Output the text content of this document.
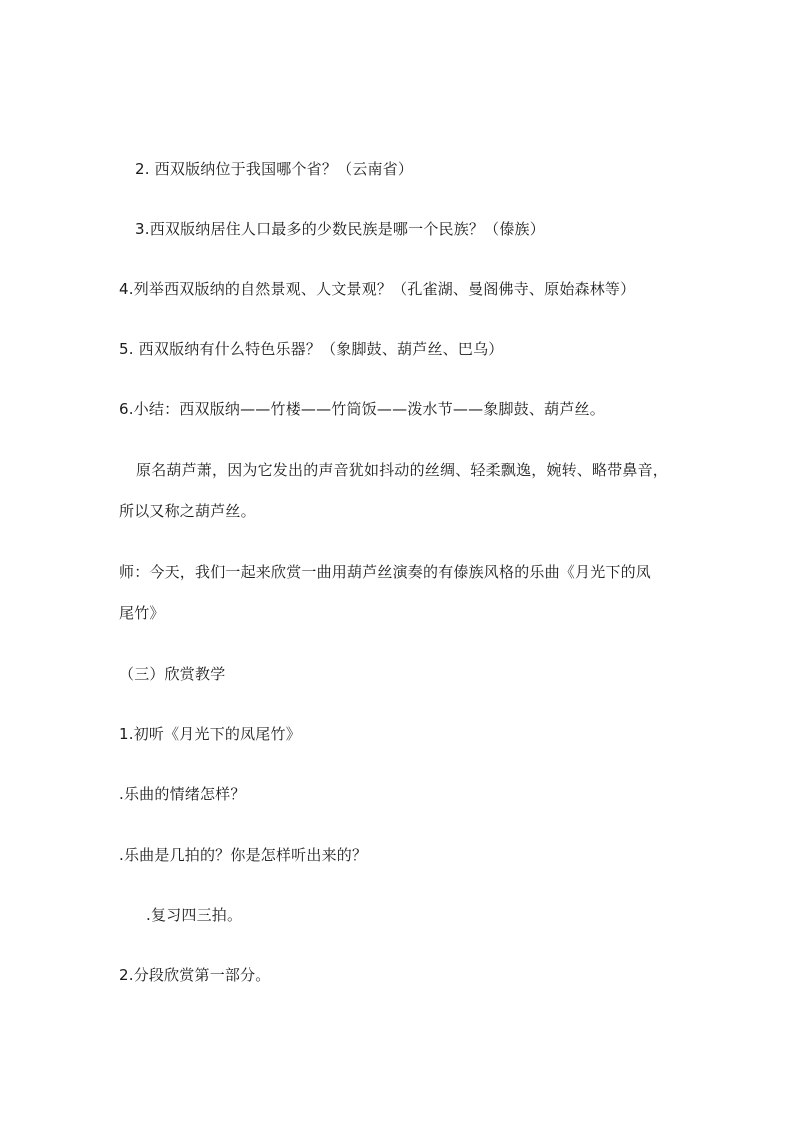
2. 西双版纳位于我国哪个省？（云南省）
3.西双版纳居住人口最多的少数民族是哪一个民族？（傣族）
4.列举西双版纳的自然景观、人文景观？（孔雀湖、曼阁佛寺、原始森林等）
5. 西双版纳有什么特色乐器？（象脚鼓、葫芦丝、巴乌）
6.小结：西双版纳——竹楼——竹筒饭——泼水节——象脚鼓、葫芦丝。
原名葫芦萧，因为它发出的声音犹如抖动的丝绸、轻柔飘逸，婉转、略带鼻音，
所以又称之葫芦丝。
师：今天，我们一起来欣赏一曲用葫芦丝演奏的有傣族风格的乐曲《月光下的凤
尾竹》
（三）欣赏教学
1.初听《月光下的凤尾竹》
.乐曲的情绪怎样？
.乐曲是几拍的？你是怎样听出来的？
.复习四三拍。
2.分段欣赏第一部分。
